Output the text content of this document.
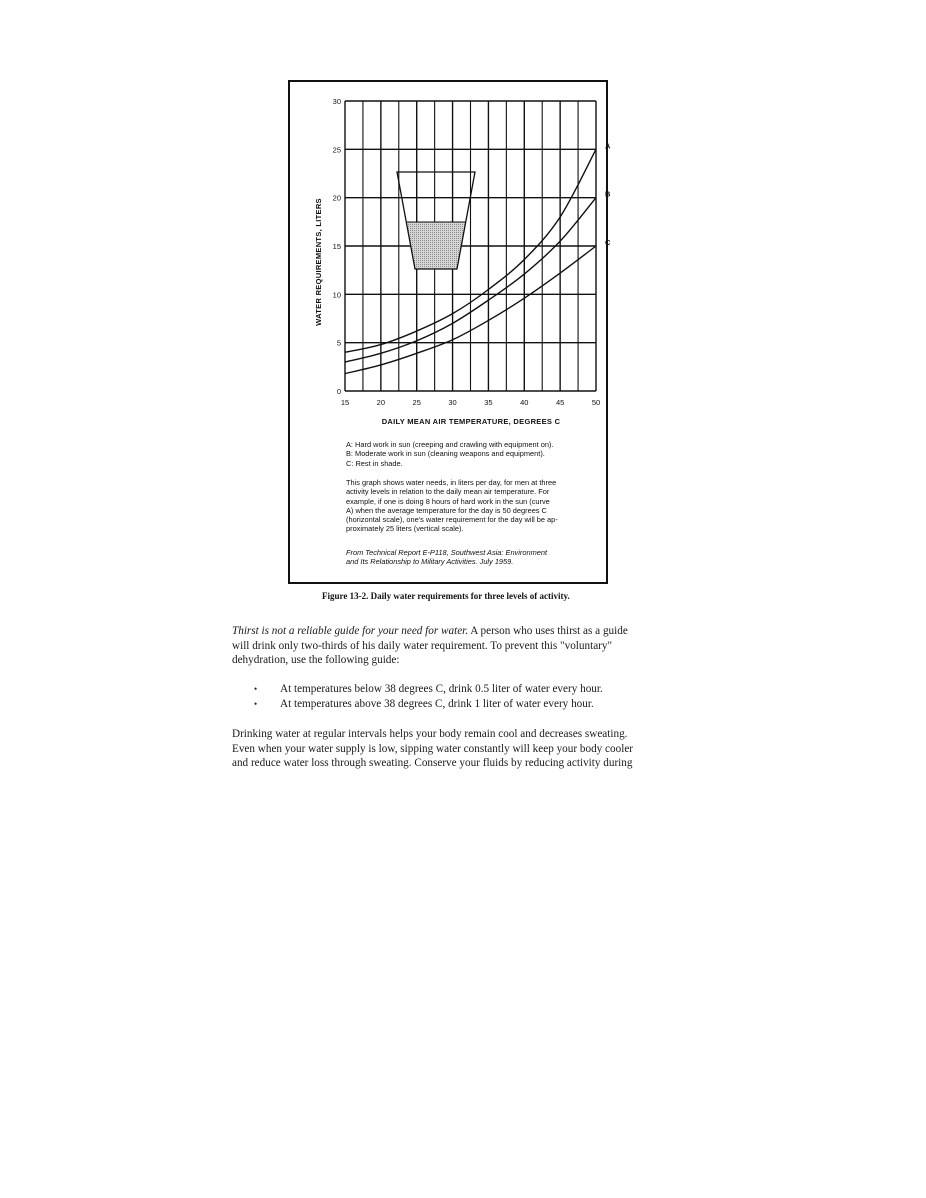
A
B
C
15	20	25	30	35	40	45	50
0
5
10
15
20
25
30
DAILY MEAN AIR TEMPERATURE, DEGREES C
WATER REQUIREMENTS, LITERS

A: Hard work in sun (creeping and crawling with equipment on).

B: Moderate work in sun (cleaning weapons and equipment).

C: Rest in shade.

This graph shows water needs, in liters per day, for men at three

activity levels in relation to the daily mean air temperature. For

example, if one is doing 8 hours of hard work in the sun (curve

A) when the average temperature for the day is 50 degrees C

(horizontal scale), one's water requirement for the day will be ap-

proximately 25 liters (vertical scale).

From Technical Report E-P118, Southwest Asia: Environment

and Its Relationship to Military Activities. July 1959.

Figure 13-2. Daily water requirements for three levels of activity.

Thirst is not a reliable guide for your need for water. A person who uses thirst as a guide

will drink only two-thirds of his daily water requirement. To prevent this "voluntary"

dehydration, use the following guide:

•	At temperatures below 38 degrees C, drink 0.5 liter of water every hour.
•	At temperatures above 38 degrees C, drink 1 liter of water every hour.

Drinking water at regular intervals helps your body remain cool and decreases sweating.

Even when your water supply is low, sipping water constantly will keep your body cooler

and reduce water loss through sweating. Conserve your fluids by reducing activity during
